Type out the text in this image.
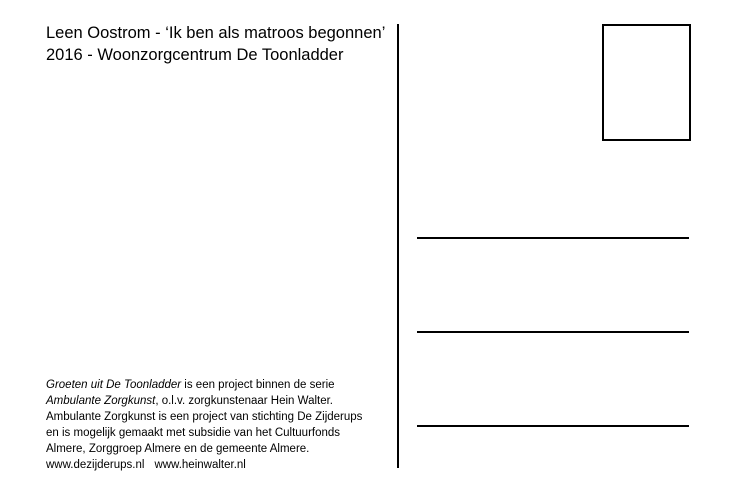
Leen Oostrom - ‘Ik ben als matroos begonnen’
2016 - Woonzorgcentrum De Toonladder
Groeten uit De Toonladder is een project binnen de serie
Ambulante Zorgkunst, o.l.v. zorgkunstenaar Hein Walter.
Ambulante Zorgkunst is een project van stichting De Zijderups
en is mogelijk gemaakt met subsidie van het Cultuurfonds
Almere, Zorggroep Almere en de gemeente Almere.
www.dezijderups.nl www.heinwalter.nl
